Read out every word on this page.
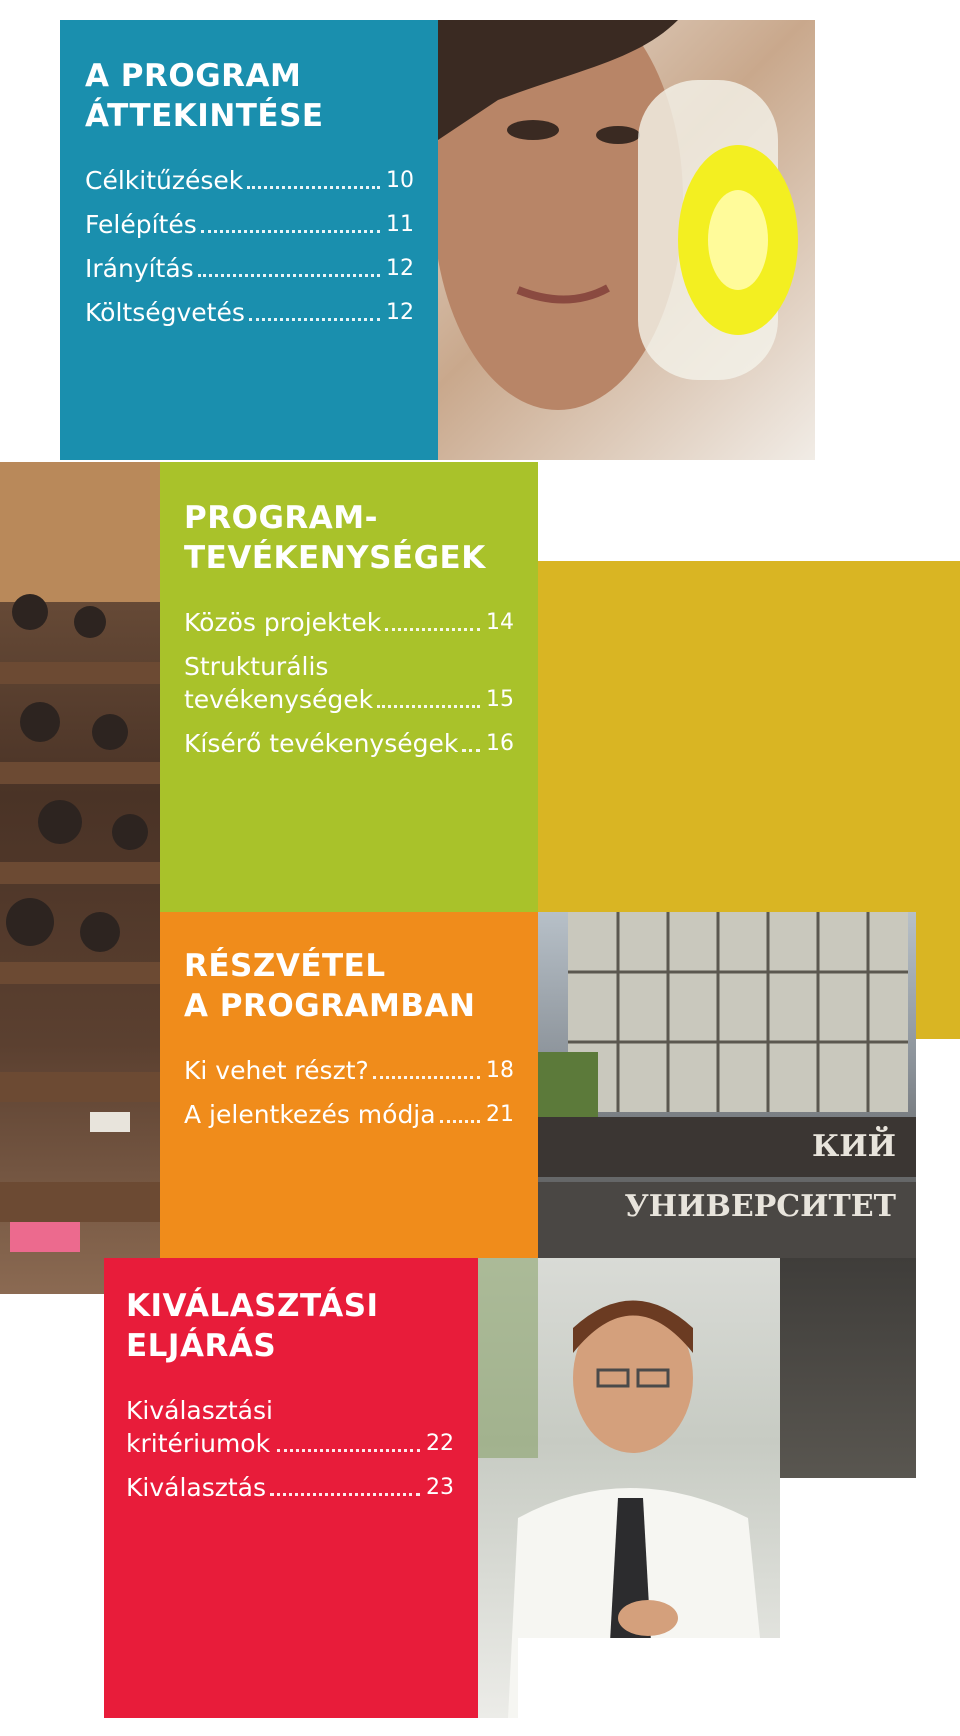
КИЙ УНИВЕРСИТЕТ
A PROGRAM
ÁTTEKINTÉSE
Célkitűzések	10
Felépítés	11
Irányítás	12
Költségvetés	12
PROGRAM-
TEVÉKENYSÉGEK
Közös projektek	14
Strukturális
tevékenységek	15
Kísérő tevékenységek 16
RÉSZVÉTEL
A PROGRAMBAN
Ki vehet részt?	18
A jelentkezés módja 21
KIVÁLASZTÁSI
ELJÁRÁS
Kiválasztási
kritériumok	22
Kiválasztás	23
